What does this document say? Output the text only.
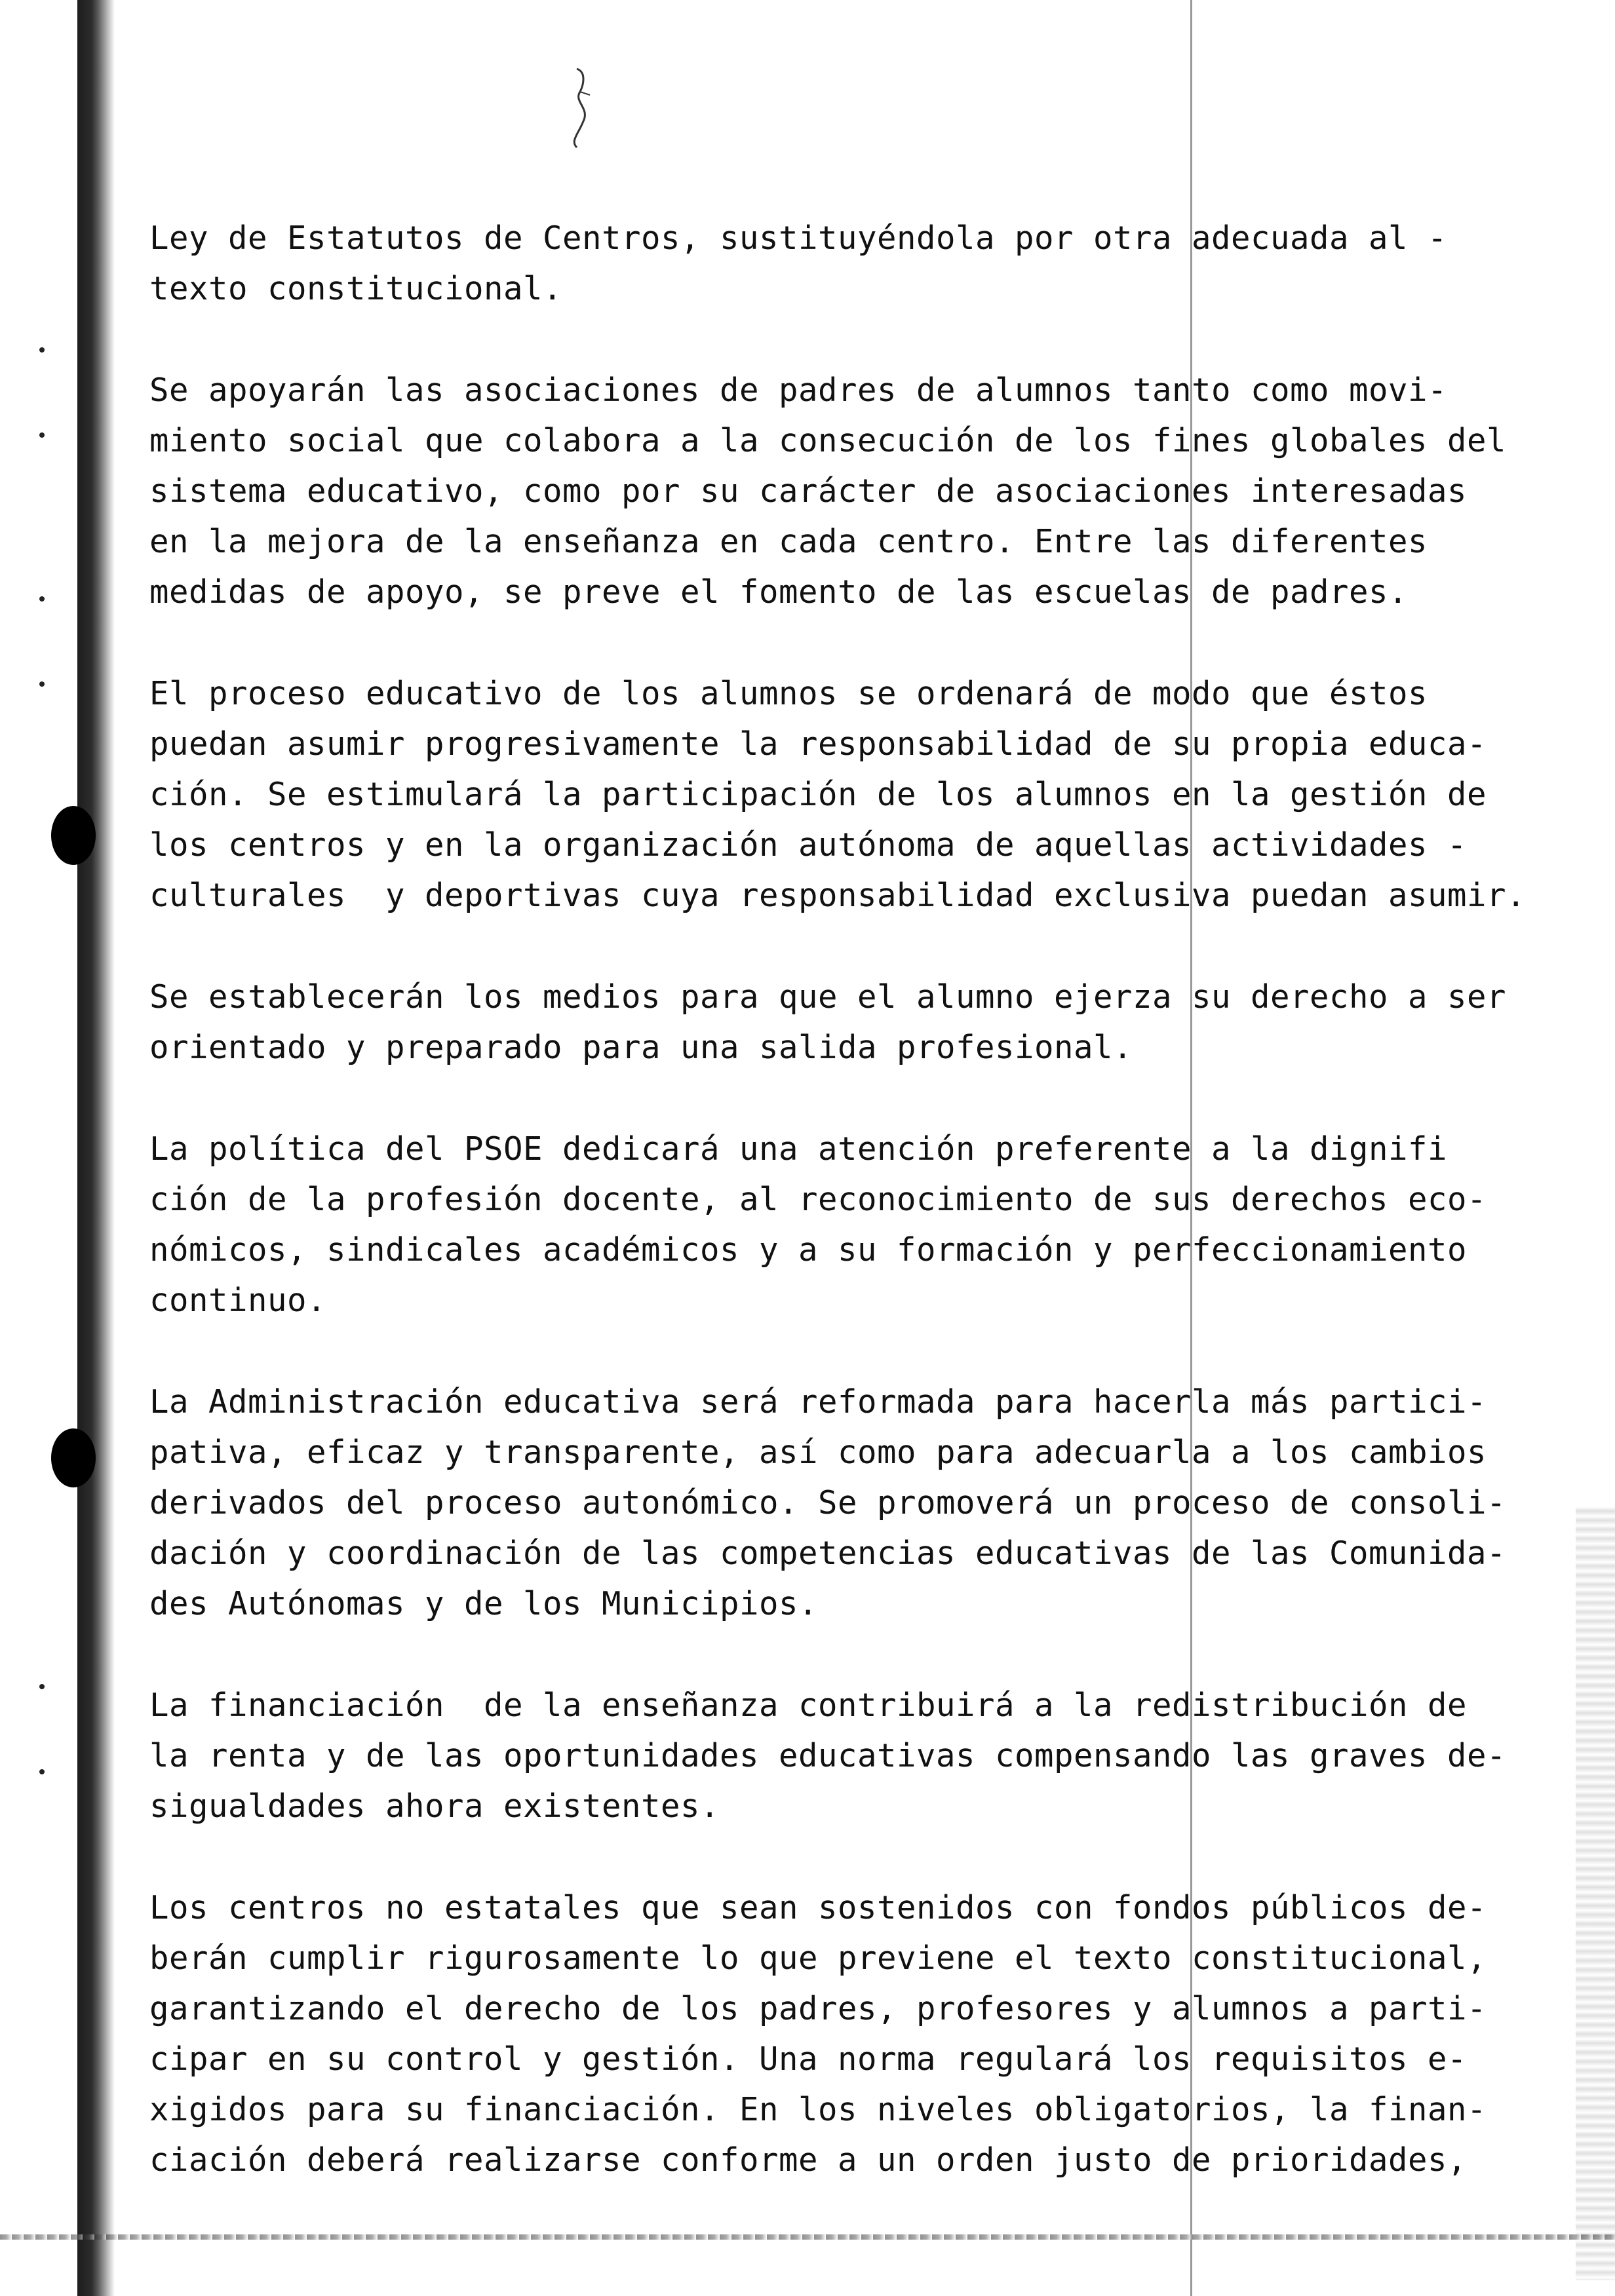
Ley de Estatutos de Centros, sustituyéndola por otra adecuada al -
texto constitucional.
Se apoyarán las asociaciones de padres de alumnos tanto como movi-
miento social que colabora a la consecución de los fines globales del
sistema educativo, como por su carácter de asociaciones interesadas
en la mejora de la enseñanza en cada centro. Entre las diferentes
medidas de apoyo, se preve el fomento de las escuelas de padres.
El proceso educativo de los alumnos se ordenará de modo que éstos
puedan asumir progresivamente la responsabilidad de su propia educa-
ción. Se estimulará la participación de los alumnos en la gestión de
los centros y en la organización autónoma de aquellas actividades -
culturales  y deportivas cuya responsabilidad exclusiva puedan asumir.
Se establecerán los medios para que el alumno ejerza su derecho a ser
orientado y preparado para una salida profesional.
La política del PSOE dedicará una atención preferente a la dignifi
ción de la profesión docente, al reconocimiento de sus derechos eco-
nómicos, sindicales académicos y a su formación y perfeccionamiento
continuo.
La Administración educativa será reformada para hacerla más partici-
pativa, eficaz y transparente, así como para adecuarla a los cambios
derivados del proceso autonómico. Se promoverá un proceso de consoli-
dación y coordinación de las competencias educativas de las Comunida-
des Autónomas y de los Municipios.
La financiación  de la enseñanza contribuirá a la redistribución de
la renta y de las oportunidades educativas compensando las graves de-
sigualdades ahora existentes.
Los centros no estatales que sean sostenidos con fondos públicos de-
berán cumplir rigurosamente lo que previene el texto constitucional,
garantizando el derecho de los padres, profesores y alumnos a parti-
cipar en su control y gestión. Una norma regulará los requisitos e-
xigidos para su financiación. En los niveles obligatorios, la finan-
ciación deberá realizarse conforme a un orden justo de prioridades,
